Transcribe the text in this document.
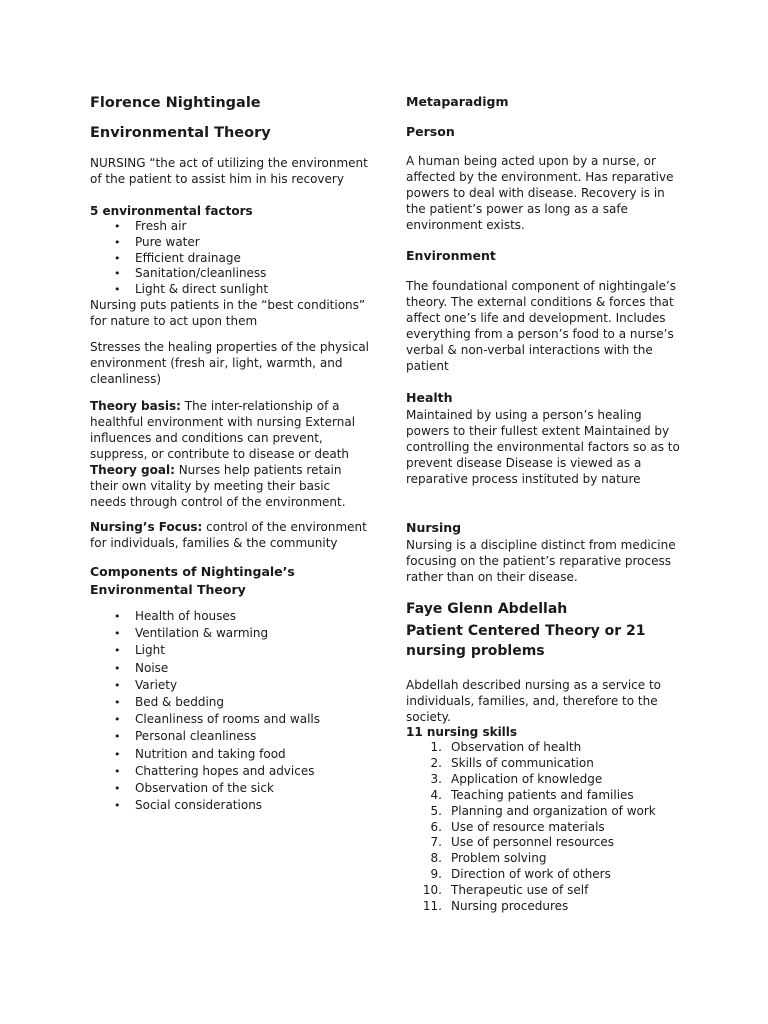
Florence Nightingale
Environmental Theory
NURSING “the act of utilizing the environment of the patient to assist him in his recovery
5 environmental factors
• Fresh air
• Pure water
• Efficient drainage
• Sanitation/cleanliness
• Light & direct sunlight
Nursing puts patients in the “best conditions” for nature to act upon them
Stresses the healing properties of the physical environment (fresh air, light, warmth, and cleanliness)
Theory basis: The inter-relationship of a healthful environment with nursing External influences and conditions can prevent, suppress, or contribute to disease or death
Theory goal: Nurses help patients retain their own vitality by meeting their basic needs through control of the environment.
Nursing’s Focus: control of the environment for individuals, families & the community
Components of Nightingale’s Environmental Theory
• Health of houses
• Ventilation & warming
• Light
• Noise
• Variety
• Bed & bedding
• Cleanliness of rooms and walls
• Personal cleanliness
• Nutrition and taking food
• Chattering hopes and advices
• Observation of the sick
• Social considerations
Metaparadigm
Person
A human being acted upon by a nurse, or affected by the environment. Has reparative powers to deal with disease. Recovery is in the patient’s power as long as a safe environment exists.
Environment
The foundational component of nightingale’s theory. The external conditions & forces that affect one’s life and development. Includes everything from a person’s food to a nurse’s verbal & non-verbal interactions with the patient
Health
Maintained by using a person’s healing powers to their fullest extent Maintained by controlling the environmental factors so as to prevent disease Disease is viewed as a reparative process instituted by nature
Nursing
Nursing is a discipline distinct from medicine focusing on the patient’s reparative process rather than on their disease.
Faye Glenn Abdellah
Patient Centered Theory or 21 nursing problems
Abdellah described nursing as a service to individuals, families, and, therefore to the society.
11 nursing skills
1. Observation of health
2. Skills of communication
3. Application of knowledge
4. Teaching patients and families
5. Planning and organization of work
6. Use of resource materials
7. Use of personnel resources
8. Problem solving
9. Direction of work of others
10. Therapeutic use of self
11. Nursing procedures
